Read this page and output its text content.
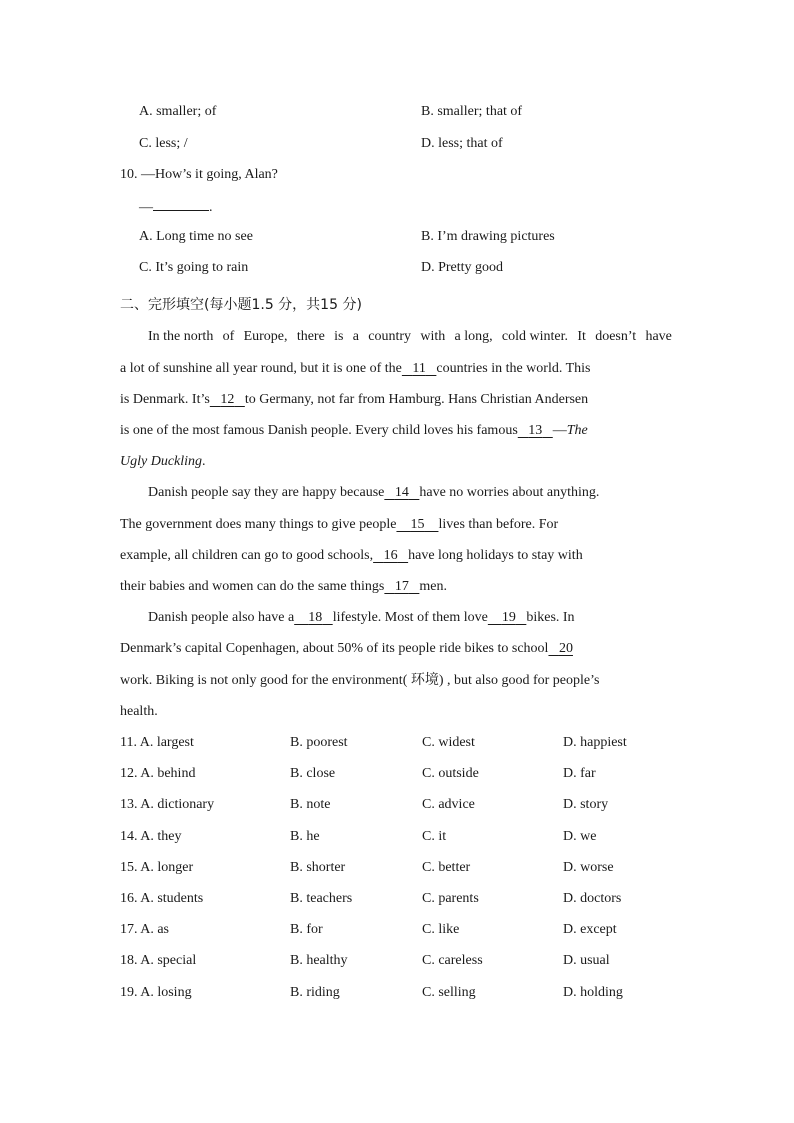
A. smaller; of	B. smaller; that of
C. less; /	D. less; that of
10. —How’s it going, Alan?
—	.
A. Long time no see	B. I’m drawing pictures
C. It’s going to rain	D. Pretty good
二、完形填空(每小题1.5 分，共15 分)
In the north of Europe, there is a country with a long, cold winter. It doesn’t have
a lot of sunshine all year round, but it is one of the 11 countries in the world. This
is Denmark. It’s 12 to Germany, not far from Hamburg. Hans Christian Andersen
is one of the most famous Danish people. Every child loves his famous 13 — The
Ugly Duckling .
Danish people say they are happy because 14 have no worries about anything.
The government does many things to give people	15	lives than before. For
example, all children can go to good schools, 16 have long holidays to stay with
their babies and women can do the same things 17 men.
Danish people also have a	18 lifestyle. Most of them love	19 bikes. In
Denmark’s capital Copenhagen, about 50% of its people ride bikes to school 20
work. Biking is not only good for the environment( 环境) , but also good for people’s
health.
11. A. largest	B. poorest	C. widest	D. happiest
12. A. behind	B. close	C. outside	D. far
13. A. dictionary	B. note	C. advice	D. story
14. A. they	B. he	C. it	D. we
15. A. longer	B. shorter	C. better	D. worse
16. A. students	B. teachers	C. parents	D. doctors
17. A. as	B. for	C. like	D. except
18. A. special	B. healthy	C. careless	D. usual
19. A. losing	B. riding	C. selling	D. holding
